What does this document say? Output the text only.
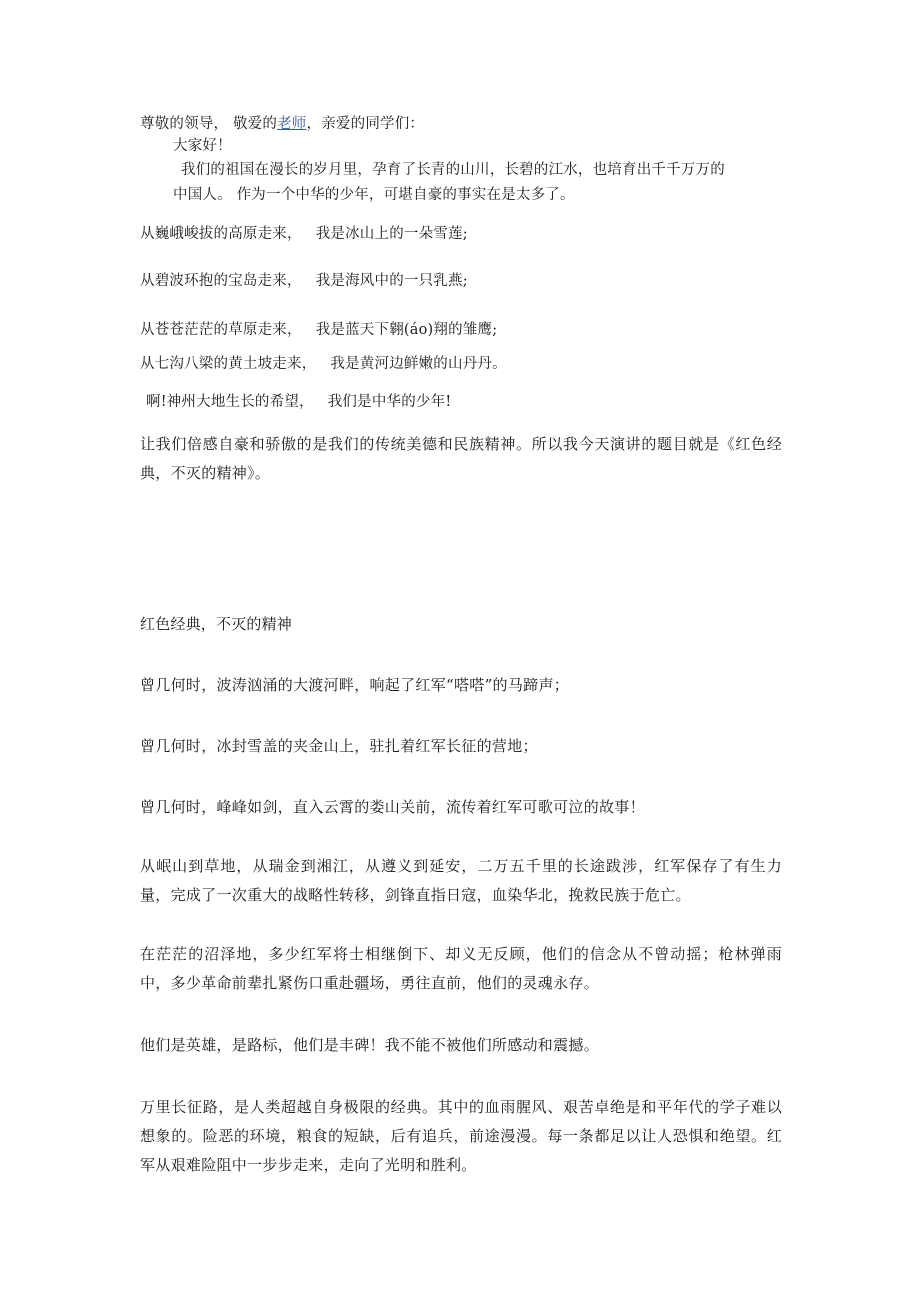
尊敬的领导， 敬爱的老师，亲爱的同学们：
大家好！
我们的祖国在漫长的岁月里，孕育了长青的山川，长碧的江水，也培育出千千万万的
中国人。 作为一个中华的少年，可堪自豪的事实在是太多了。
从巍峨峻拔的高原走来， 我是冰山上的一朵雪莲;
从碧波环抱的宝岛走来， 我是海风中的一只乳燕;
从苍苍茫茫的草原走来， 我是蓝天下翱(áo)翔的雏鹰;
从七沟八梁的黄土坡走来， 我是黄河边鲜嫩的山丹丹。
啊!神州大地生长的希望， 我们是中华的少年!
让我们倍感自豪和骄傲的是我们的传统美德和民族精神。所以我今天演讲的题目就是《红色经典，不灭的精神》。
红色经典，不灭的精神
曾几何时，波涛汹涌的大渡河畔，响起了红军“嗒嗒”的马蹄声；
曾几何时，冰封雪盖的夹金山上，驻扎着红军长征的营地；
曾几何时，峰峰如剑，直入云霄的娄山关前，流传着红军可歌可泣的故事！
从岷山到草地，从瑞金到湘江，从遵义到延安，二万五千里的长途跋涉，红军保存了有生力量，完成了一次重大的战略性转移，剑锋直指日寇，血染华北，挽救民族于危亡。
在茫茫的沼泽地，多少红军将士相继倒下、却义无反顾，他们的信念从不曾动摇；枪林弹雨中，多少革命前辈扎紧伤口重赴疆场，勇往直前，他们的灵魂永存。
他们是英雄，是路标，他们是丰碑！我不能不被他们所感动和震撼。
万里长征路，是人类超越自身极限的经典。其中的血雨腥风、艰苦卓绝是和平年代的学子难以想象的。险恶的环境，粮食的短缺，后有追兵，前途漫漫。每一条都足以让人恐惧和绝望。红军从艰难险阻中一步步走来，走向了光明和胜利。
